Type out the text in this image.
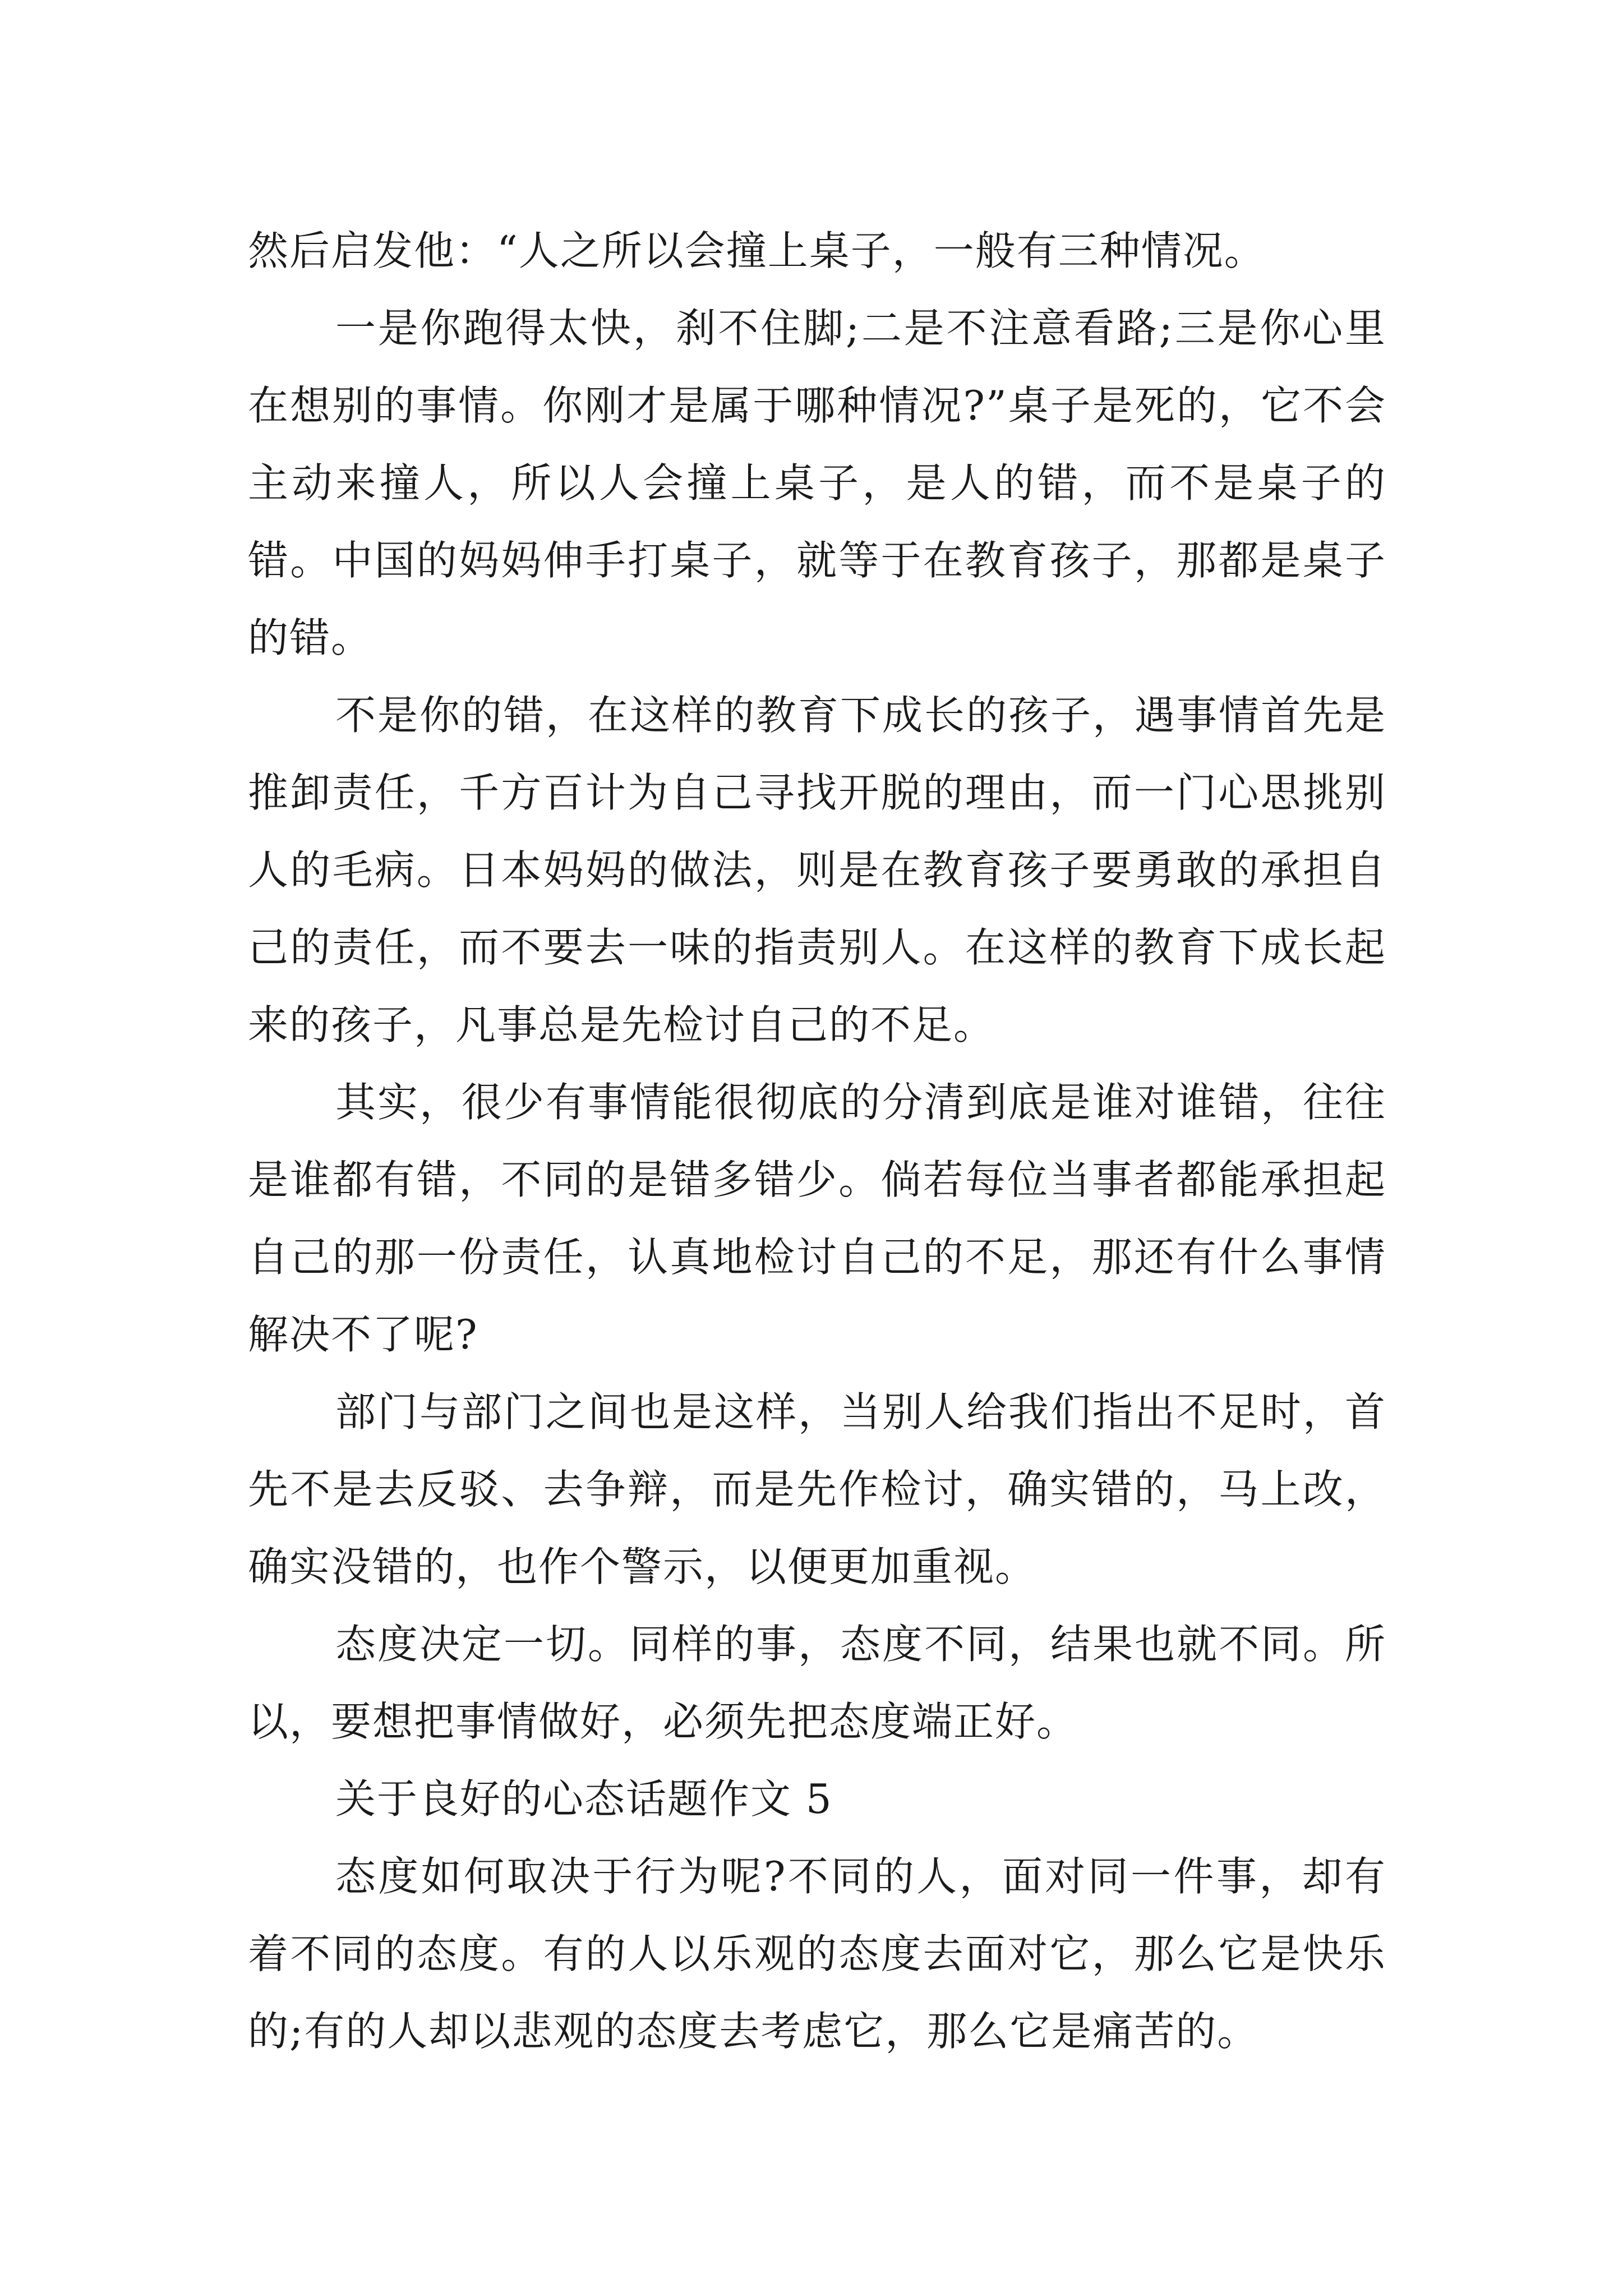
然后启发他：“人之所以会撞上桌子，一般有三种情况。

一是你跑得太快，刹不住脚;二是不注意看路;三是你心里在想别的事情。你刚才是属于哪种情况?”桌子是死的，它不会主动来撞人，所以人会撞上桌子，是人的错，而不是桌子的错。中国的妈妈伸手打桌子，就等于在教育孩子，那都是桌子的错。

不是你的错，在这样的教育下成长的孩子，遇事情首先是推卸责任，千方百计为自己寻找开脱的理由，而一门心思挑别人的毛病。日本妈妈的做法，则是在教育孩子要勇敢的承担自己的责任，而不要去一味的指责别人。在这样的教育下成长起来的孩子，凡事总是先检讨自己的不足。

其实，很少有事情能很彻底的分清到底是谁对谁错，往往是谁都有错，不同的是错多错少。倘若每位当事者都能承担起自己的那一份责任，认真地检讨自己的不足，那还有什么事情解决不了呢?

部门与部门之间也是这样，当别人给我们指出不足时，首先不是去反驳、去争辩，而是先作检讨，确实错的，马上改，确实没错的，也作个警示，以便更加重视。

态度决定一切。同样的事，态度不同，结果也就不同。所以，要想把事情做好，必须先把态度端正好。

关于良好的心态话题作文 5

态度如何取决于行为呢?不同的人，面对同一件事，却有着不同的态度。有的人以乐观的态度去面对它，那么它是快乐的;有的人却以悲观的态度去考虑它，那么它是痛苦的。
